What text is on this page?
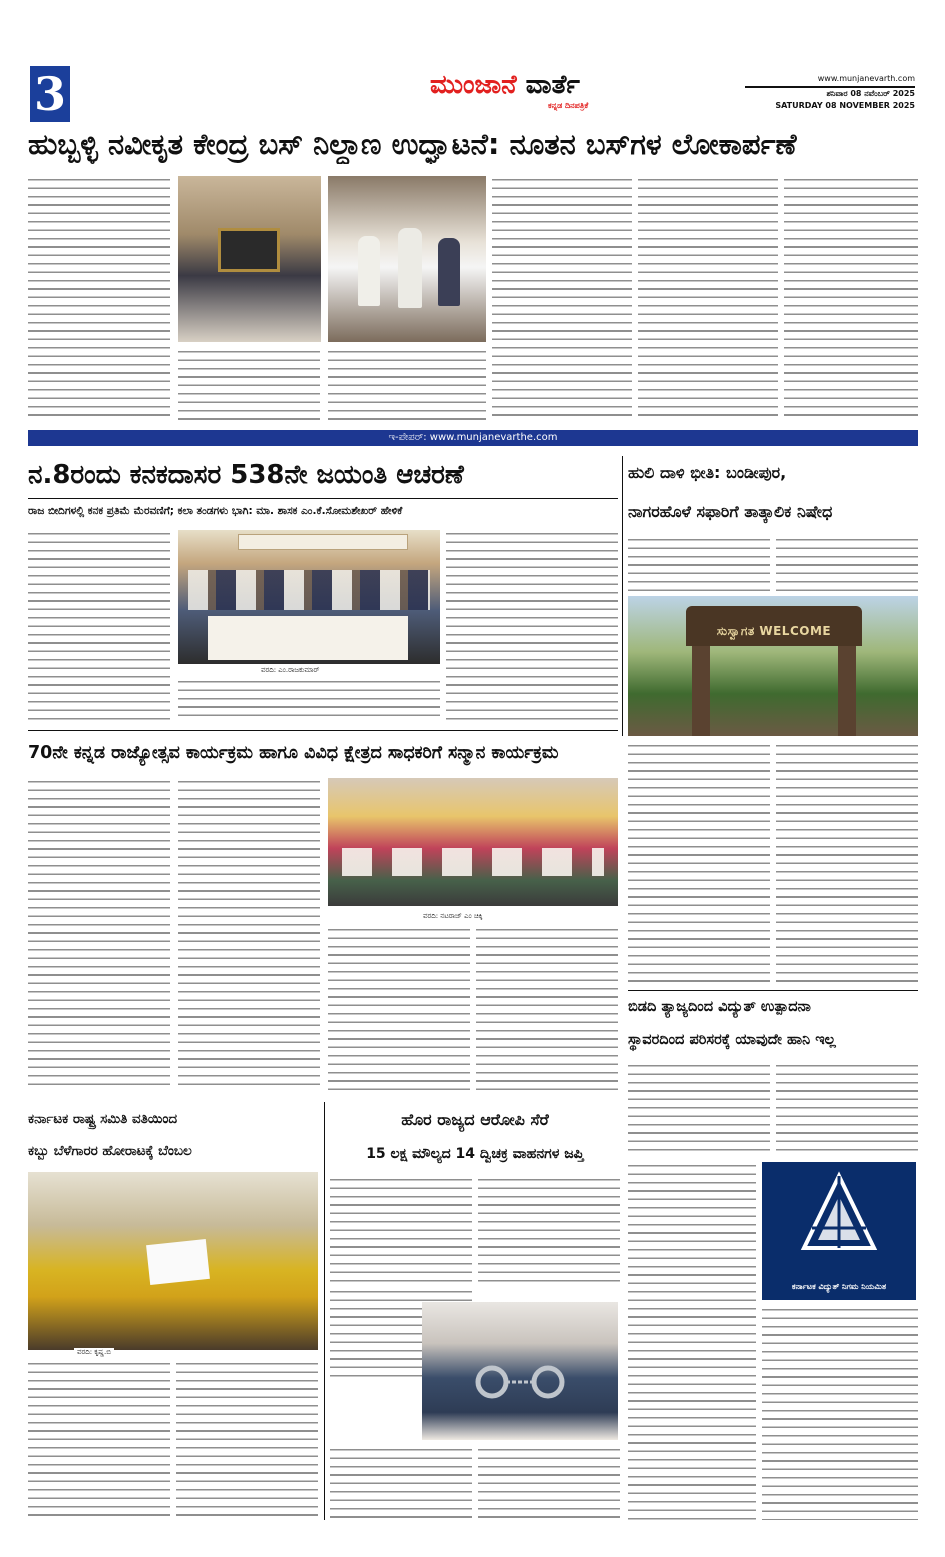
3	ಮುಂಜಾನೆ ವಾರ್ತೆ
ಕನ್ನಡ ದಿನಪತ್ರಿಕೆ
www.munjanevarth.com
ಶನಿವಾರ 08 ನವೆಂಬರ್ 2025
SATURDAY 08 NOVEMBER 2025
ಹುಬ್ಬಳ್ಳಿ ನವೀಕೃತ ಕೇಂದ್ರ ಬಸ್ ನಿಲ್ದಾಣ ಉದ್ಘಾಟನೆ: ನೂತನ ಬಸ್‌ಗಳ ಲೋಕಾರ್ಪಣೆ
ಇ-ಪೇಪರ್: www.munjanevarthe.com
ನ.8ರಂದು ಕನಕದಾಸರ 538ನೇ ಜಯಂತಿ ಆಚರಣೆ
ರಾಜ ಬೀದಿಗಳಲ್ಲಿ ಕನಕ ಪ್ರತಿಮೆ ಮೆರವಣಿಗೆ; ಕಲಾ ತಂಡಗಳು ಭಾಗಿ: ಮಾ. ಶಾಸಕ ಎಂ.ಕೆ.ಸೋಮಶೇಖರ್ ಹೇಳಿಕೆ
ವರದಿ: ಎಂ.ರಾಜಕುಮಾರ್
ಹುಲಿ ದಾಳಿ ಭೀತಿ: ಬಂಡೀಪುರ,
ನಾಗರಹೊಳೆ ಸಫಾರಿಗೆ ತಾತ್ಕಾಲಿಕ ನಿಷೇಧ
ಸುಸ್ವಾಗತ WELCOME
70ನೇ ಕನ್ನಡ ರಾಜ್ಯೋತ್ಸವ ಕಾರ್ಯಕ್ರಮ ಹಾಗೂ ವಿವಿಧ ಕ್ಷೇತ್ರದ ಸಾಧಕರಿಗೆ ಸನ್ಮಾನ ಕಾರ್ಯಕ್ರಮ
ವರದಿ: ನಟರಾಜ್ ಎಂ ಚಿಕ್ಕಿ
ಬಿಡದಿ ತ್ಯಾಜ್ಯದಿಂದ ವಿದ್ಯುತ್ ಉತ್ಪಾದನಾ
ಸ್ಥಾವರದಿಂದ ಪರಿಸರಕ್ಕೆ ಯಾವುದೇ ಹಾನಿ ಇಲ್ಲ
ಕರ್ನಾಟಕ ವಿದ್ಯುತ್ ನಿಗಮ ನಿಯಮಿತ
ಕರ್ನಾಟಕ ರಾಷ್ಟ್ರ ಸಮಿತಿ ವತಿಯಿಂದ
ಕಬ್ಬು ಬೆಳೆಗಾರರ ಹೋರಾಟಕ್ಕೆ ಬೆಂಬಲ
ವರದಿ: ಕೃಷ್ಣ.ಬಿ
ಹೊರ ರಾಜ್ಯದ ಆರೋಪಿ ಸೆರೆ
15 ಲಕ್ಷ ಮೌಲ್ಯದ 14 ದ್ವಿಚಕ್ರ ವಾಹನಗಳ ಜಪ್ತಿ
